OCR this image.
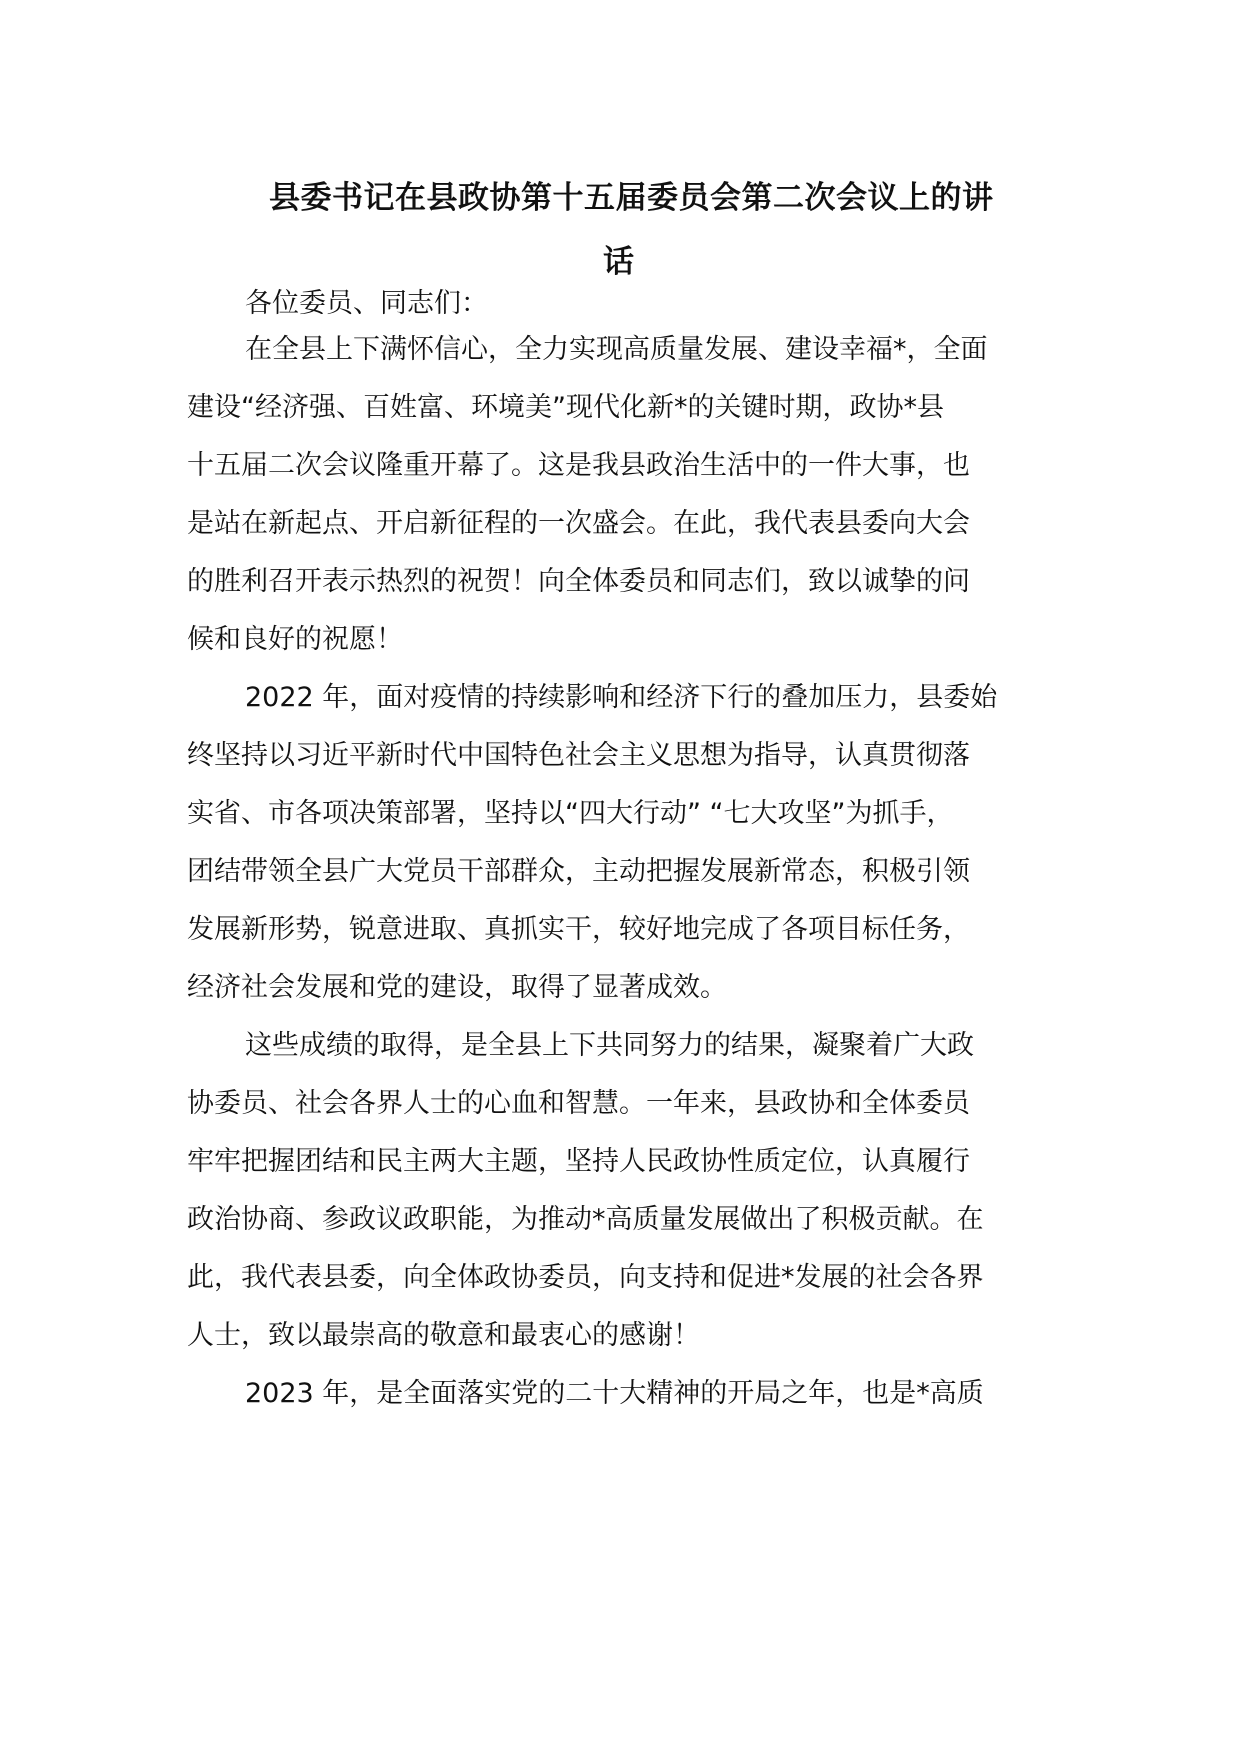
县委书记在县政协第十五届委员会第二次会议上的讲
话

各位委员、同志们：

在全县上下满怀信心，全力实现高质量发展、建设幸福*，全面

建设“经济强、百姓富、环境美”现代化新*的关键时期，政协*县

十五届二次会议隆重开幕了。这是我县政治生活中的一件大事，也

是站在新起点、开启新征程的一次盛会。在此，我代表县委向大会

的胜利召开表示热烈的祝贺！向全体委员和同志们，致以诚挚的问

候和良好的祝愿！

2022 年，面对疫情的持续影响和经济下行的叠加压力，县委始

终坚持以习近平新时代中国特色社会主义思想为指导，认真贯彻落

实省、市各项决策部署，坚持以“四大行动” “七大攻坚”为抓手，

团结带领全县广大党员干部群众，主动把握发展新常态，积极引领

发展新形势，锐意进取、真抓实干，较好地完成了各项目标任务，

经济社会发展和党的建设，取得了显著成效。

这些成绩的取得，是全县上下共同努力的结果，凝聚着广大政

协委员、社会各界人士的心血和智慧。一年来，县政协和全体委员

牢牢把握团结和民主两大主题，坚持人民政协性质定位，认真履行

政治协商、参政议政职能，为推动*高质量发展做出了积极贡献。在

此，我代表县委，向全体政协委员，向支持和促进*发展的社会各界

人士，致以最崇高的敬意和最衷心的感谢！

2023 年，是全面落实党的二十大精神的开局之年，也是*高质
